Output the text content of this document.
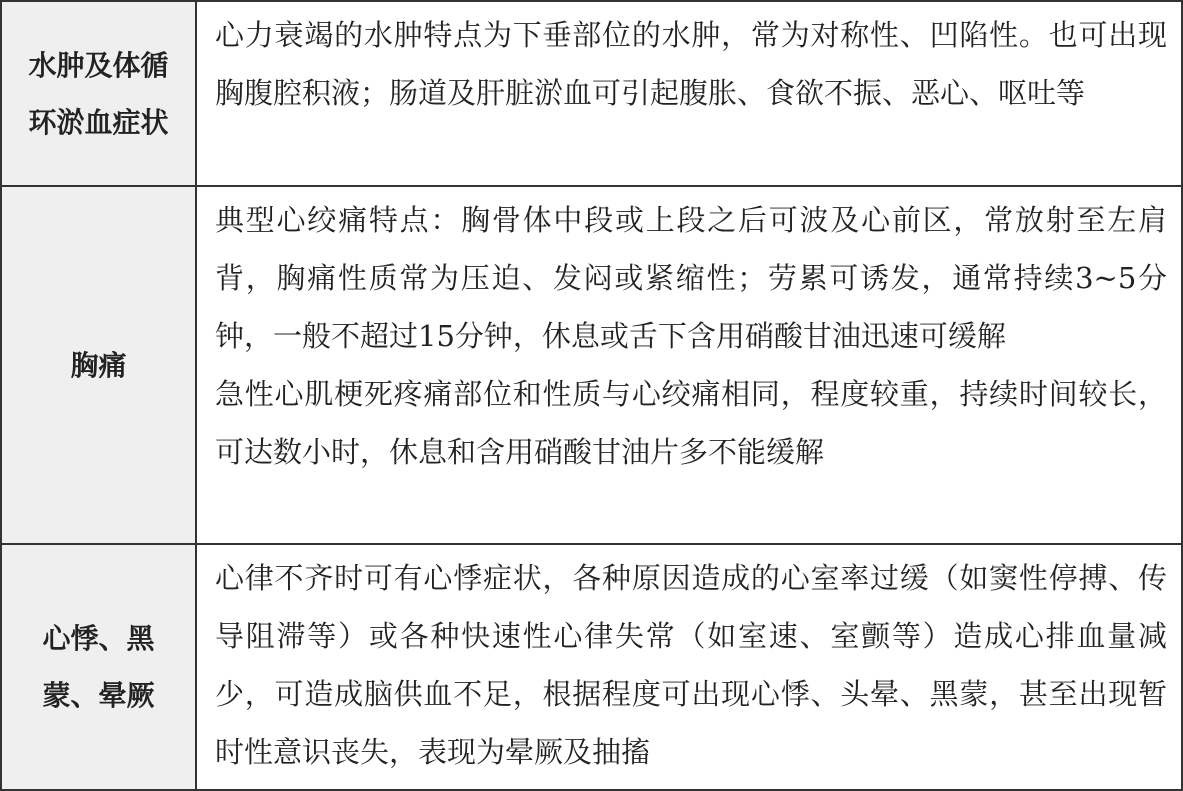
水肿及体循环淤血症状	心力衰竭的水肿特点为下垂部位的水肿，常为对称性、凹陷性。也可出现胸腹腔积液；肠道及肝脏淤血可引起腹胀、食欲不振、恶心、呕吐等

胸痛	典型心绞痛特点：胸骨体中段或上段之后可波及心前区，常放射至左肩背，胸痛性质常为压迫、发闷或紧缩性；劳累可诱发，通常持续3~5分钟，一般不超过15分钟，休息或舌下含用硝酸甘油迅速可缓解

急性心肌梗死疼痛部位和性质与心绞痛相同，程度较重，持续时间较长，可达数小时，休息和含用硝酸甘油片多不能缓解

心悸、黑蒙、晕厥	心律不齐时可有心悸症状，各种原因造成的心室率过缓（如窦性停搏、传导阻滞等）或各种快速性心律失常（如室速、室颤等）造成心排血量减少，可造成脑供血不足，根据程度可出现心悸、头晕、黑蒙，甚至出现暂时性意识丧失，表现为晕厥及抽搐
